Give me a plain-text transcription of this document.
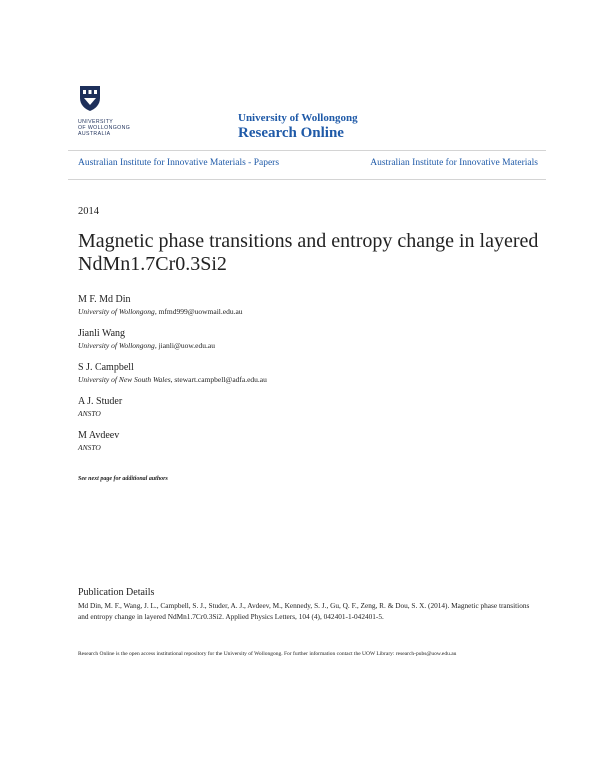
UNIVERSITY
OF WOLLONGONG
AUSTRALIA
University of Wollongong
Research Online
Australian Institute for Innovative Materials - Papers	Australian Institute for Innovative Materials
2014
Magnetic phase transitions and entropy change in layered NdMn1.7Cr0.3Si2
M F. Md Din
University of Wollongong, mfmd999@uowmail.edu.au
Jianli Wang
University of Wollongong, jianli@uow.edu.au
S J. Campbell
University of New South Wales, stewart.campbell@adfa.edu.au
A J. Studer
ANSTO
M Avdeev
ANSTO
See next page for additional authors
Publication Details
Md Din, M. F., Wang, J. L., Campbell, S. J., Studer, A. J., Avdeev, M., Kennedy, S. J., Gu, Q. F., Zeng, R. & Dou, S. X. (2014). Magnetic phase transitions and entropy change in layered NdMn1.7Cr0.3Si2. Applied Physics Letters, 104 (4), 042401-1-042401-5.
Research Online is the open access institutional repository for the University of Wollongong. For further information contact the UOW Library: research-pubs@uow.edu.au
